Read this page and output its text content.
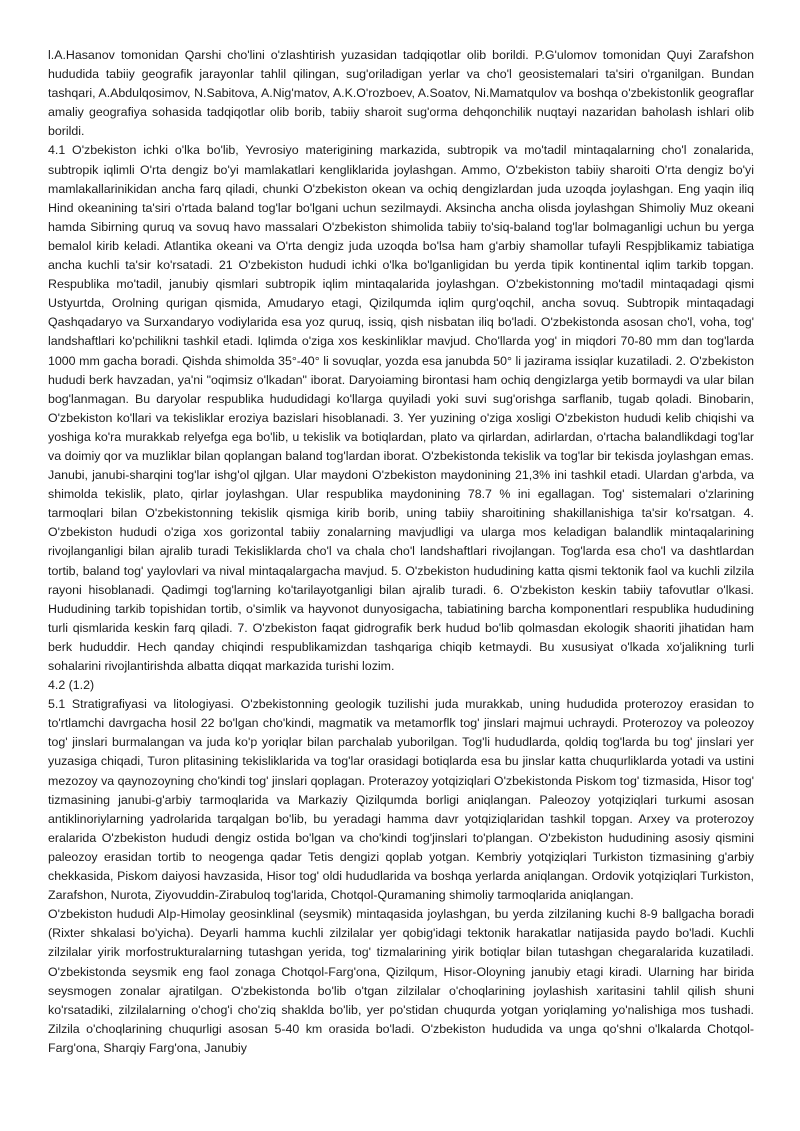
l.A.Hasanov tomonidan Qarshi cho'lini o'zlashtirish yuzasidan tadqiqotlar olib borildi. P.G'ulomov tomonidan Quyi Zarafshon hududida tabiiy geografik jarayonlar tahlil qilingan, sug'oriladigan yerlar va cho'l geosistemalari ta'siri o'rganilgan. Bundan tashqari, A.Abdulqosimov, N.Sabitova, A.Nig'matov, A.K.O'rozboev, A.Soatov, Ni.Mamatqulov va boshqa o'zbekistonlik geograflar amaliy geografiya sohasida tadqiqotlar olib borib, tabiiy sharoit sug'orma dehqonchilik nuqtayi nazaridan baholash ishlari olib borildi.

4.1 O'zbekiston ichki o'lka bo'lib, Yevrosiyo materigining markazida, subtropik va mo'tadil mintaqalarning cho'l zonalarida, subtropik iqlimli O'rta dengiz bo'yi mamlakatlari kengliklarida joylashgan. Ammo, O'zbekiston tabiiy sharoiti O'rta dengiz bo'yi mamlakallarinikidan ancha farq qiladi, chunki O'zbekiston okean va ochiq dengizlardan juda uzoqda joylashgan. Eng yaqin iliq Hind okeanining ta'siri o'rtada baland tog'lar bo'lgani uchun sezilmaydi. Aksincha ancha olisda joylashgan Shimoliy Muz okeani hamda Sibirning quruq va sovuq havo massalari O'zbekiston shimolida tabiiy to'siq-baland tog'lar bolmaganligi uchun bu yerga bemalol kirib keladi. Atlantika okeani va O'rta dengiz juda uzoqda bo'lsa ham g'arbiy shamollar tufayli Respjblikamiz tabiatiga ancha kuchli ta'sir ko'rsatadi. 21 O'zbekiston hududi ichki o'lka bo'lganligidan bu yerda tipik kontinental iqlim tarkib topgan. Respublika mo'tadil, janubiy qismlari subtropik iqlim mintaqalarida joylashgan. O'zbekistonning mo'tadil mintaqadagi qismi Ustyurtda, Orolning qurigan qismida, Amudaryo etagi, Qizilqumda iqlim qurg'oqchil, ancha sovuq. Subtropik mintaqadagi Qashqadaryo va Surxandaryo vodiylarida esa yoz quruq, issiq, qish nisbatan iliq bo'ladi. O'zbekistonda asosan cho'l, voha, tog' landshaftlari ko'pchilikni tashkil etadi. Iqlimda o'ziga xos keskinliklar mavjud. Cho'llarda yog' in miqdori 70-80 mm dan tog'larda 1000 mm gacha boradi. Qishda shimolda 35°-40° li sovuqlar, yozda esa janubda 50° li jazirama issiqlar kuzatiladi. 2. O'zbekiston hududi berk havzadan, ya'ni "oqimsiz o'lkadan" iborat. Daryoiaming birontasi ham ochiq dengizlarga yetib bormaydi va ular bilan bog'lanmagan. Bu daryolar respublika hududidagi ko'llarga quyiladi yoki suvi sug'orishga sarflanib, tugab qoladi. Binobarin, O'zbekiston ko'llari va tekisliklar eroziya bazislari hisoblanadi. 3. Yer yuzining o'ziga xosligi O'zbekiston hududi kelib chiqishi va yoshiga ko'ra murakkab relyefga ega bo'lib, u tekislik va botiqlardan, plato va qirlardan, adirlardan, o'rtacha balandlikdagi tog'lar va doimiy qor va muzliklar bilan qoplangan baland tog'lardan iborat. O'zbekistonda tekislik va tog'lar bir tekisda joylashgan emas. Janubi, janubi-sharqini tog'lar ishg'ol qjlgan. Ular maydoni O'zbekiston maydonining 21,3% ini tashkil etadi. Ulardan g'arbda, va shimolda tekislik, plato, qirlar joylashgan. Ular respublika maydonining 78.7 % ini egallagan. Tog' sistemalari o'zlarining tarmoqlari bilan O'zbekistonning tekislik qismiga kirib borib, uning tabiiy sharoitining shakillanishiga ta'sir ko'rsatgan. 4. O'zbekiston hududi o'ziga xos gorizontal tabiiy zonalarning mavjudligi va ularga mos keladigan balandlik mintaqalarining rivojlanganligi bilan ajralib turadi Tekisliklarda cho'l va chala cho'l landshaftlari rivojlangan. Tog'larda esa cho'l va dashtlardan tortib, baland tog' yaylovlari va nival mintaqalargacha mavjud. 5. O'zbekiston hududining katta qismi tektonik faol va kuchli zilzila rayoni hisoblanadi. Qadimgi tog'larning ko'tarilayotganligi bilan ajralib turadi. 6. O'zbekiston keskin tabiiy tafovutlar o'lkasi. Hududining tarkib topishidan tortib, o'simlik va hayvonot dunyosigacha, tabiatining barcha komponentlari respublika hududining turli qismlarida keskin farq qiladi. 7. O'zbekiston faqat gidrografik berk hudud bo'lib qolmasdan ekologik shaoriti jihatidan ham berk hududdir. Hech qanday chiqindi respublikamizdan tashqariga chiqib ketmaydi. Bu xususiyat o'lkada xo'jalikning turli sohalarini rivojlantirishda albatta diqqat markazida turishi lozim.

4.2 (1.2)

5.1 Stratigrafiyasi va litologiyasi. O'zbekistonning geologik tuzilishi juda murakkab, uning hududida proterozoy erasidan to to'rtlamchi davrgacha hosil 22 bo'lgan cho'kindi, magmatik va metamorflk tog' jinslari majmui uchraydi. Proterozoy va poleozoy tog' jinslari burmalangan va juda ko'p yoriqlar bilan parchalab yuborilgan. Tog'li hududlarda, qoldiq tog'larda bu tog' jinslari yer yuzasiga chiqadi, Turon plitasining tekisliklarida va tog'lar orasidagi botiqlarda esa bu jinslar katta chuqurliklarda yotadi va ustini mezozoy va qaynozoyning cho'kindi tog' jinslari qoplagan. Proterazoy yotqiziqlari O'zbekistonda Piskom tog' tizmasida, Hisor tog' tizmasining janubi-g'arbiy tarmoqlarida va Markaziy Qizilqumda borligi aniqlangan. Paleozoy yotqiziqlari turkumi asosan antiklinoriylarning yadrolarida tarqalgan bo'lib, bu yeradagi hamma davr yotqiziqlaridan tashkil topgan. Arxey va proterozoy eralarida O'zbekiston hududi dengiz ostida bo'lgan va cho'kindi tog'jinslari to'plangan. O'zbekiston hududining asosiy qismini paleozoy erasidan tortib to neogenga qadar Tetis dengizi qoplab yotgan. Kembriy yotqiziqlari Turkiston tizmasining g'arbiy chekkasida, Piskom daiyosi havzasida, Hisor tog' oldi hududlarida va boshqa yerlarda aniqlangan. Ordovik yotqiziqlari Turkiston, Zarafshon, Nurota, Ziyovuddin-Zirabuloq tog'larida, Chotqol-Quramaning shimoliy tarmoqlarida aniqlangan.

O'zbekiston hududi AIp-Himolay geosinklinal (seysmik) mintaqasida joylashgan, bu yerda zilzilaning kuchi 8-9 ballgacha boradi (Rixter shkalasi bo'yicha). Deyarli hamma kuchli zilzilalar yer qobig'idagi tektonik harakatlar natijasida paydo bo'ladi. Kuchli zilzilalar yirik morfostrukturalarning tutashgan yerida, tog' tizmalarining yirik botiqlar bilan tutashgan chegaralarida kuzatiladi. O'zbekistonda seysmik eng faol zonaga Chotqol-Farg'ona, Qizilqum, Hisor-Oloyning janubiy etagi kiradi. Ularning har birida seysmogen zonalar ajratilgan. O'zbekistonda bo'lib o'tgan zilzilalar o'choqlarining joylashish xaritasini tahlil qilish shuni ko'rsatadiki, zilzilalarning o'chog'i cho'ziq shaklda bo'lib, yer po'stidan chuqurda yotgan yoriqlaming yo'nalishiga mos tushadi. Zilzila o'choqlarining chuqurligi asosan 5-40 km orasida bo'ladi. O'zbekiston hududida va unga qo'shni o'lkalarda Chotqol-Farg'ona, Sharqiy Farg'ona, Janubiy
